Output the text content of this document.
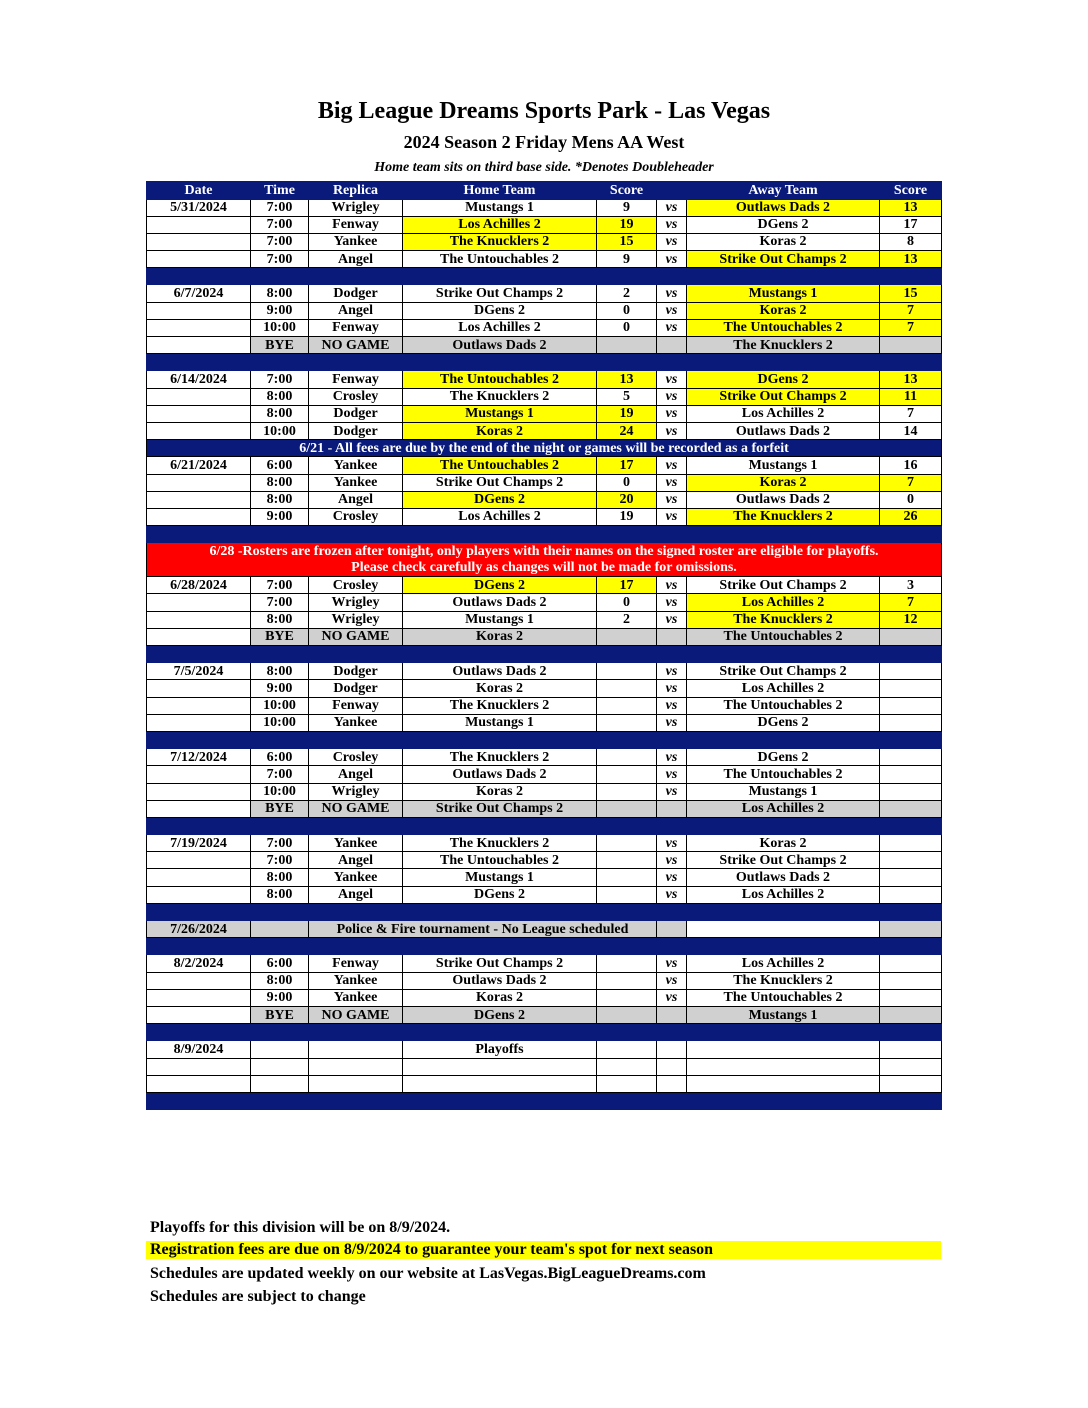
Big League Dreams Sports Park - Las Vegas
2024 Season 2 Friday Mens AA West
Home team sits on third base side. *Denotes Doubleheader
Date	Time	Replica	Home Team	Score		Away Team	Score
5/31/2024	7:00	Wrigley	Mustangs 1	9	vs	Outlaws Dads 2	13
	7:00	Fenway	Los Achilles 2	19	vs	DGens 2	17
	7:00	Yankee	The Knucklers 2	15	vs	Koras 2	8
	7:00	Angel	The Untouchables 2	9	vs	Strike Out Champs 2	13

6/7/2024	8:00	Dodger	Strike Out Champs 2	2	vs	Mustangs 1	15
	9:00	Angel	DGens 2	0	vs	Koras 2	7
	10:00	Fenway	Los Achilles 2	0	vs	The Untouchables 2	7
	BYE	NO GAME	Outlaws Dads 2			The Knucklers 2	

6/14/2024	7:00	Fenway	The Untouchables 2	13	vs	DGens 2	13
	8:00	Crosley	The Knucklers 2	5	vs	Strike Out Champs 2	11
	8:00	Dodger	Mustangs 1	19	vs	Los Achilles 2	7
	10:00	Dodger	Koras 2	24	vs	Outlaws Dads 2	14
6/21 - All fees are due by the end of the night or games will be recorded as a forfeit							
6/21/2024	6:00	Yankee	The Untouchables 2	17	vs	Mustangs 1	16
	8:00	Yankee	Strike Out Champs 2	0	vs	Koras 2	7
	8:00	Angel	DGens 2	20	vs	Outlaws Dads 2	0
	9:00	Crosley	Los Achilles 2	19	vs	The Knucklers 2	26

6/28 -Rosters are frozen after tonight, only players with their names on the signed roster are eligible for playoffs.
Please check carefully as changes will not be made for omissions.							

6/28/2024	7:00	Crosley	DGens 2	17	vs	Strike Out Champs 2	3
	7:00	Wrigley	Outlaws Dads 2	0	vs	Los Achilles 2	7
	8:00	Wrigley	Mustangs 1	2	vs	The Knucklers 2	12
	BYE	NO GAME	Koras 2			The Untouchables 2	

7/5/2024	8:00	Dodger	Outlaws Dads 2		vs	Strike Out Champs 2	
	9:00	Dodger	Koras 2		vs	Los Achilles 2	
	10:00	Fenway	The Knucklers 2		vs	The Untouchables 2	
	10:00	Yankee	Mustangs 1		vs	DGens 2	

7/12/2024	6:00	Crosley	The Knucklers 2		vs	DGens 2	
	7:00	Angel	Outlaws Dads 2		vs	The Untouchables 2	
	10:00	Wrigley	Koras 2		vs	Mustangs 1	
	BYE	NO GAME	Strike Out Champs 2			Los Achilles 2	

7/19/2024	7:00	Yankee	The Knucklers 2		vs	Koras 2	
	7:00	Angel	The Untouchables 2		vs	Strike Out Champs 2	
	8:00	Yankee	Mustangs 1		vs	Outlaws Dads 2	
	8:00	Angel	DGens 2		vs	Los Achilles 2	

7/26/2024		Police & Fire tournament - No League scheduled					

8/2/2024	6:00	Fenway	Strike Out Champs 2		vs	Los Achilles 2	
	8:00	Yankee	Outlaws Dads 2		vs	The Knucklers 2	
	9:00	Yankee	Koras 2		vs	The Untouchables 2	
	BYE	NO GAME	DGens 2			Mustangs 1	

8/9/2024			Playoffs				

Playoffs for this division will be on 8/9/2024.
Registration fees are due on 8/9/2024 to guarantee your team's spot for next season
Schedules are updated weekly on our website at LasVegas.BigLeagueDreams.com
Schedules are subject to change
